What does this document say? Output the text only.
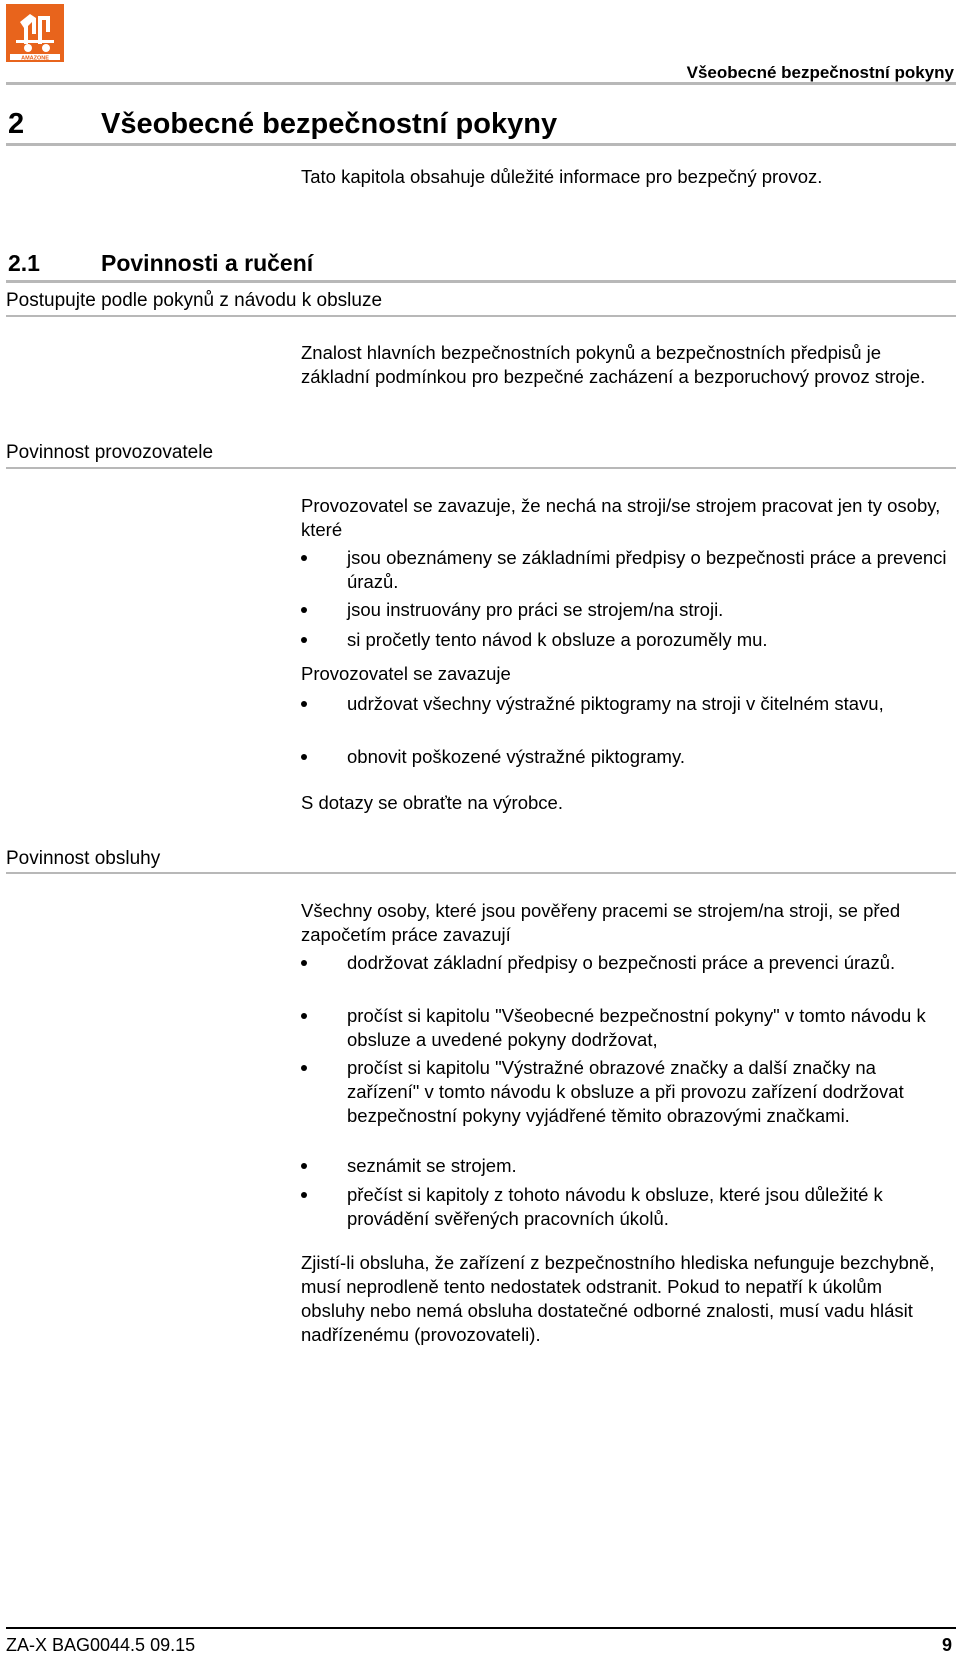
AMAZONE
Všeobecné bezpečnostní pokyny
2	Všeobecné bezpečnostní pokyny
Tato kapitola obsahuje důležité informace pro bezpečný provoz.
2.1	Povinnosti a ručení
Postupujte podle pokynů z návodu k obsluze
Znalost hlavních bezpečnostních pokynů a bezpečnostních předpisů je základní podmínkou pro bezpečné zacházení a bezporuchový provoz stroje.
Povinnost provozovatele
Provozovatel se zavazuje, že nechá na stroji/se strojem pracovat jen ty osoby, které
jsou obeznámeny se základními předpisy o bezpečnosti práce a prevenci úrazů.
jsou instruovány pro práci se strojem/na stroji.
si pročetly tento návod k obsluze a porozuměly mu.
Provozovatel se zavazuje
udržovat všechny výstražné piktogramy na stroji v čitelném stavu,
obnovit poškozené výstražné piktogramy.
S dotazy se obraťte na výrobce.
Povinnost obsluhy
Všechny osoby, které jsou pověřeny pracemi se strojem/na stroji, se před započetím práce zavazují
dodržovat základní předpisy o bezpečnosti práce a prevenci úrazů.
pročíst si kapitolu "Všeobecné bezpečnostní pokyny" v tomto návodu k obsluze a uvedené pokyny dodržovat,
pročíst si kapitolu "Výstražné obrazové značky a další značky na zařízení" v tomto návodu k obsluze a při provozu zařízení dodržovat bezpečnostní pokyny vyjádřené těmito obrazovými značkami.
seznámit se strojem.
přečíst si kapitoly z tohoto návodu k obsluze, které jsou důležité k provádění svěřených pracovních úkolů.
Zjistí-li obsluha, že zařízení z bezpečnostního hlediska nefunguje bezchybně, musí neprodleně tento nedostatek odstranit. Pokud to nepatří k úkolům obsluhy nebo nemá obsluha dostatečné odborné znalosti, musí vadu hlásit nadřízenému (provozovateli).
ZA-X BAG0044.5 09.15	9
